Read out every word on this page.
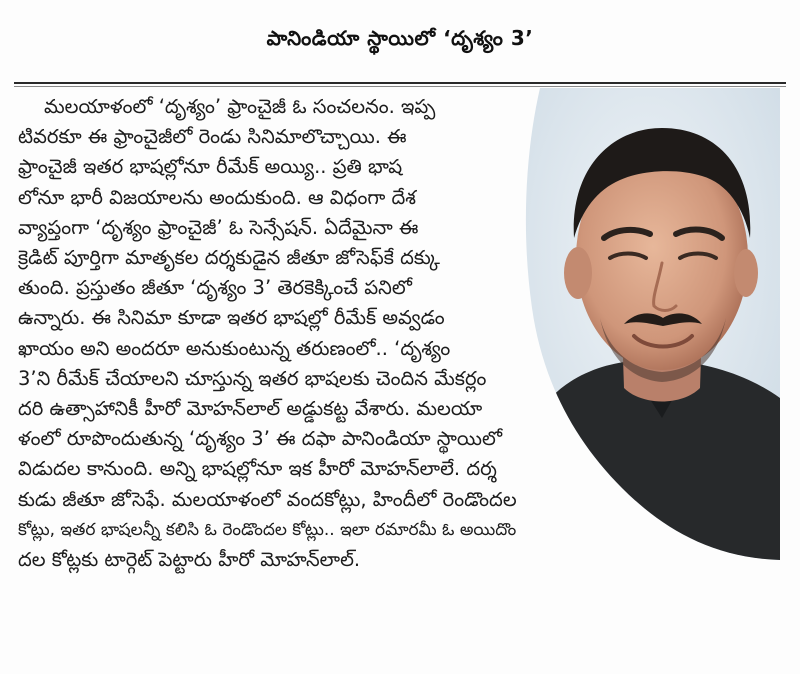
పానిండియా స్థాయిలో ‘దృశ్యం 3’
మలయాళంలో ‘దృశ్యం’ ఫ్రాంచైజీ ఓ సంచలనం. ఇప్ప
టివరకూ ఈ ఫ్రాంచైజీలో రెండు సినిమాలొచ్చాయి. ఈ
ఫ్రాంచైజీ ఇతర భాషల్లోనూ రీమేక్ అయ్యి.. ప్రతి భాష
లోనూ భారీ విజయాలను అందుకుంది. ఆ విధంగా దేశ
వ్యాప్తంగా ‘దృశ్యం ఫ్రాంచైజీ’ ఓ సెన్సేషన్. ఏదేమైనా ఈ
క్రెడిట్ పూర్తిగా మాతృకల దర్శకుడైన జీతూ జోసెఫ్‌కే దక్కు
తుంది. ప్రస్తుతం జీతూ ‘దృశ్యం 3’ తెరకెక్కించే పనిలో
ఉన్నారు. ఈ సినిమా కూడా ఇతర భాషల్లో రీమేక్ అవ్వడం
ఖాయం అని అందరూ అనుకుంటున్న తరుణంలో.. ‘దృశ్యం
3’ని రీమేక్ చేయాలని చూస్తున్న ఇతర భాషలకు చెందిన మేకర్లం
దరి ఉత్సాహానికీ హీరో మోహన్‌లాల్ అడ్డుకట్ట వేశారు. మలయా
ళంలో రూపొందుతున్న ‘దృశ్యం 3’ ఈ దఫా పానిండియా స్థాయిలో
విడుదల కానుంది. అన్ని భాషల్లోనూ ఇక హీరో మోహన్‌లాలే. దర్శ
కుడు జీతూ జోసెఫే. మలయాళంలో వందకోట్లు, హిందీలో రెండొందల
కోట్లు, ఇతర భాషలన్నీ కలిసి ఓ రెండొందల కోట్లు.. ఇలా రమారమీ ఓ అయిదొం
దల కోట్లకు టార్గెట్ పెట్టారు హీరో మోహన్‌లాల్.
